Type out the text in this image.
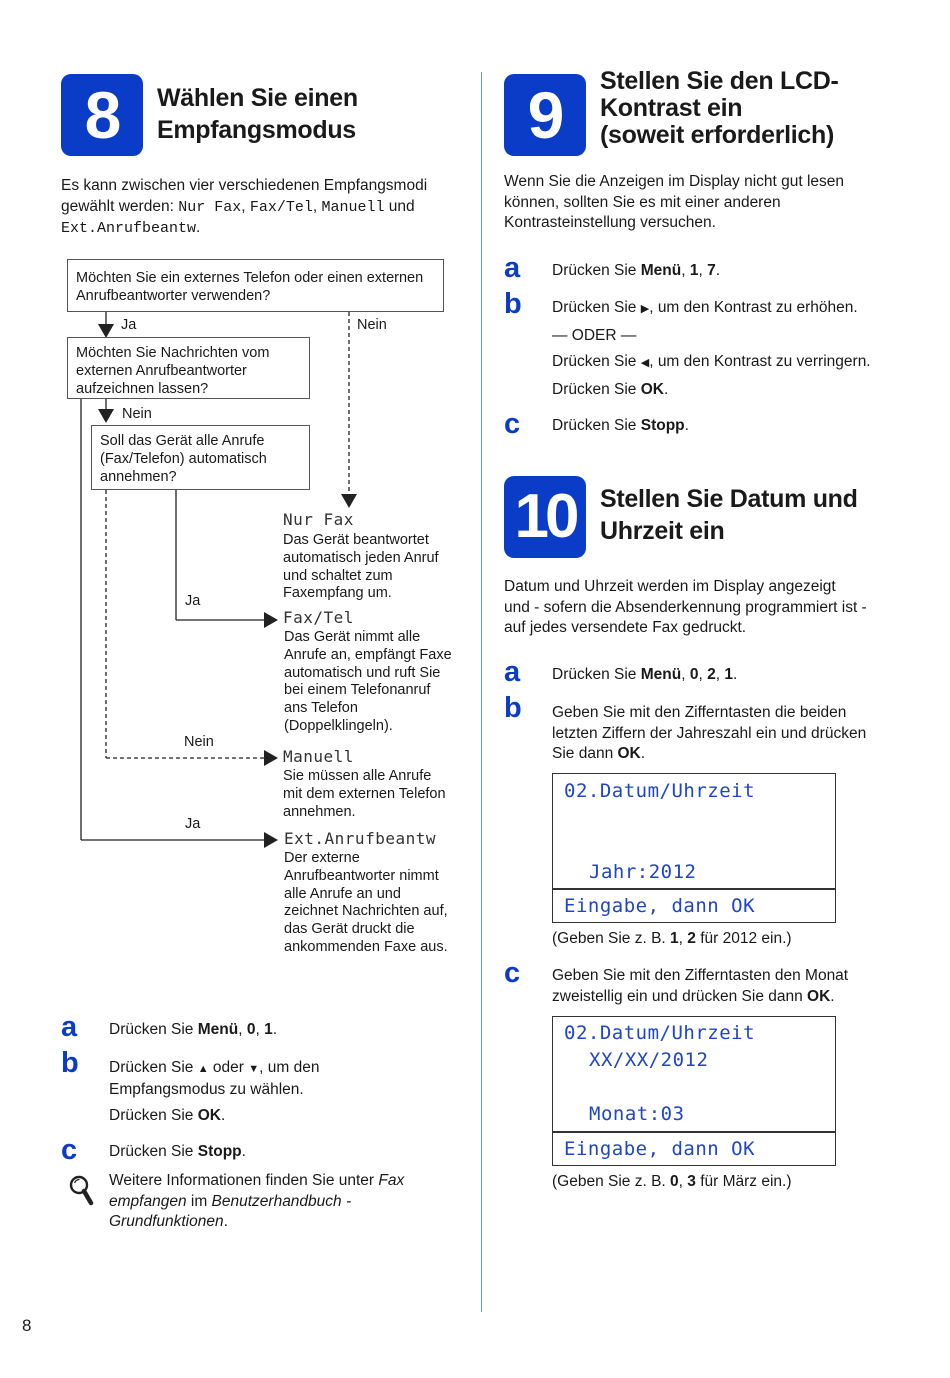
8	Wählen Sie einen
Empfangsmodus
Es kann zwischen vier verschiedenen Empfangsmodi
gewählt werden: Nur Fax, Fax/Tel, Manuell und
Ext.Anrufbeantw.
Möchten Sie ein externes Telefon oder einen externen Anrufbeantworter verwenden?
Möchten Sie Nachrichten vom externen Anrufbeantworter aufzeichnen lassen?
Soll das Gerät alle Anrufe (Fax/Telefon) automatisch annehmen?
Ja	Nein
Nein
Ja
Nein
Ja
Nur Fax
Das Gerät beantwortet automatisch jeden Anruf und schaltet zum Faxempfang um.
Fax/Tel
Das Gerät nimmt alle Anrufe an, empfängt Faxe automatisch und ruft Sie bei einem Telefonanruf ans Telefon (Doppelklingeln).
Manuell
Sie müssen alle Anrufe mit dem externen Telefon annehmen.
Ext.Anrufbeantw
Der externe Anrufbeantworter nimmt alle Anrufe an und zeichnet Nachrichten auf, das Gerät druckt die ankommenden Faxe aus.
a Drücken Sie Menü, 0, 1.
b Drücken Sie ▲ oder ▼, um den
Empfangsmodus zu wählen.
Drücken Sie OK.
c Drücken Sie Stopp.
Weitere Informationen finden Sie unter Fax
empfangen im Benutzerhandbuch -
Grundfunktionen.
8
9	Stellen Sie den LCD-
Kontrast ein
(soweit erforderlich)
Wenn Sie die Anzeigen im Display nicht gut lesen
können, sollten Sie es mit einer anderen
Kontrasteinstellung versuchen.
a Drücken Sie Menü, 1, 7.
b Drücken Sie ▶, um den Kontrast zu erhöhen.
— ODER —
Drücken Sie ◀, um den Kontrast zu verringern.
Drücken Sie OK.
c Drücken Sie Stopp.
10 Stellen Sie Datum und
Uhrzeit ein
Datum und Uhrzeit werden im Display angezeigt
und - sofern die Absenderkennung programmiert ist -
auf jedes versendete Fax gedruckt.
a Drücken Sie Menü, 0, 2, 1.
b Geben Sie mit den Zifferntasten die beiden
letzten Ziffern der Jahreszahl ein und drücken
Sie dann OK.
02.Datum/Uhrzeit
Jahr:2012
Eingabe, dann OK
(Geben Sie z. B. 1, 2 für 2012 ein.)
c Geben Sie mit den Zifferntasten den Monat
zweistellig ein und drücken Sie dann OK.
02.Datum/Uhrzeit
XX/XX/2012
Monat:03
Eingabe, dann OK
(Geben Sie z. B. 0, 3 für März ein.)
